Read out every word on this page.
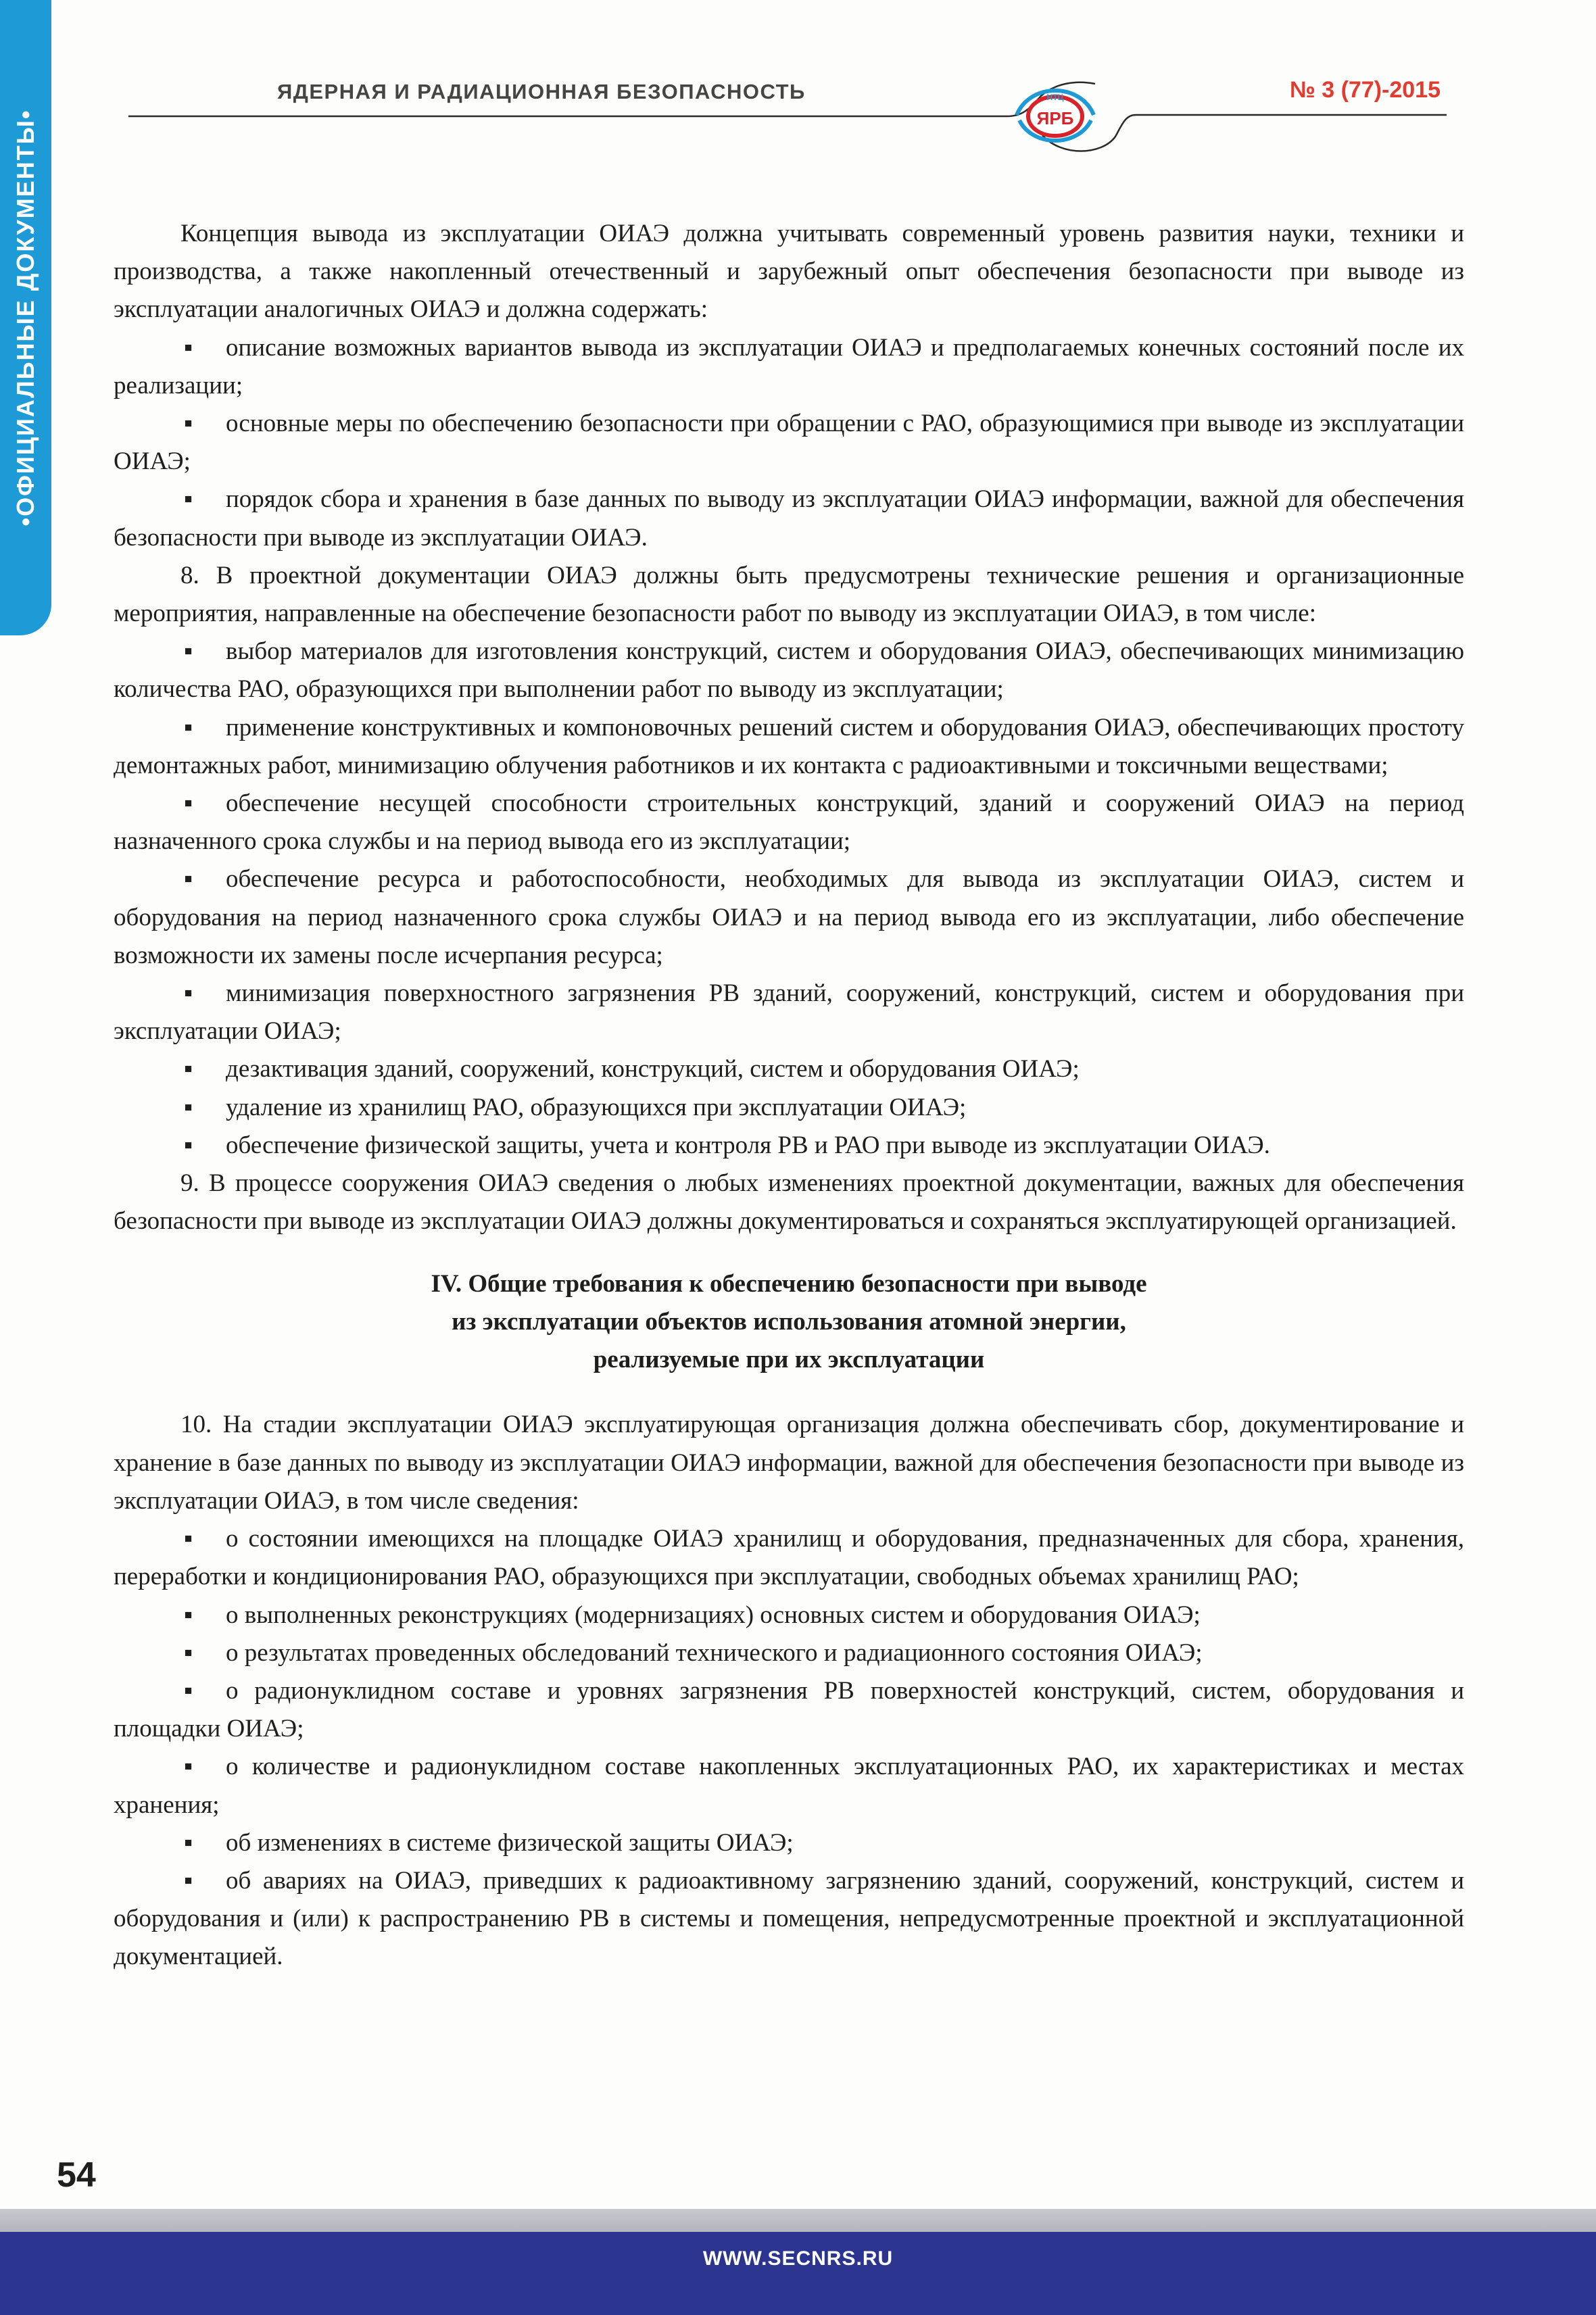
•ОФИЦИАЛЬНЫЕ ДОКУМЕНТЫ•
ЯДЕРНАЯ И РАДИАЦИОННАЯ БЕЗОПАСНОСТЬ	НТЦ
ЯРБ
№ 3 (77)-2015

Концепция вывода из эксплуатации ОИАЭ должна учитывать современный уровень развития науки, техники и производства, а также накопленный отечественный и зарубежный опыт обеспечения безопасности при выводе из эксплуатации аналогичных ОИАЭ и должна содержать:

▪ описание возможных вариантов вывода из эксплуатации ОИАЭ и предполагаемых конечных состояний после их реализации;

▪ основные меры по обеспечению безопасности при обращении с РАО, образующимися при выводе из эксплуатации ОИАЭ;

▪ порядок сбора и хранения в базе данных по выводу из эксплуатации ОИАЭ информации, важной для обеспечения безопасности при выводе из эксплуатации ОИАЭ.

8. В проектной документации ОИАЭ должны быть предусмотрены технические решения и организационные мероприятия, направленные на обеспечение безопасности работ по выводу из эксплуатации ОИАЭ, в том числе:

▪ выбор материалов для изготовления конструкций, систем и оборудования ОИАЭ, обеспечивающих минимизацию количества РАО, образующихся при выполнении работ по выводу из эксплуатации;

▪ применение конструктивных и компоновочных решений систем и оборудования ОИАЭ, обеспечивающих простоту демонтажных работ, минимизацию облучения работников и их контакта с радиоактивными и токсичными веществами;

▪ обеспечение несущей способности строительных конструкций, зданий и сооружений ОИАЭ на период назначенного срока службы и на период вывода его из эксплуатации;

▪ обеспечение ресурса и работоспособности, необходимых для вывода из эксплуатации ОИАЭ, систем и оборудования на период назначенного срока службы ОИАЭ и на период вывода его из эксплуатации, либо обеспечение возможности их замены после исчерпания ресурса;

▪ минимизация поверхностного загрязнения РВ зданий, сооружений, конструкций, систем и оборудования при эксплуатации ОИАЭ;

▪ дезактивация зданий, сооружений, конструкций, систем и оборудования ОИАЭ;

▪ удаление из хранилищ РАО, образующихся при эксплуатации ОИАЭ;

▪ обеспечение физической защиты, учета и контроля РВ и РАО при выводе из эксплуатации ОИАЭ.

9. В процессе сооружения ОИАЭ сведения о любых изменениях проектной документации, важных для обеспечения безопасности при выводе из эксплуатации ОИАЭ должны документироваться и сохраняться эксплуатирующей организацией.

IV. Общие требования к обеспечению безопасности при выводе
из эксплуатации объектов использования атомной энергии,
реализуемые при их эксплуатации

10. На стадии эксплуатации ОИАЭ эксплуатирующая организация должна обеспечивать сбор, документирование и хранение в базе данных по выводу из эксплуатации ОИАЭ информации, важной для обеспечения безопасности при выводе из эксплуатации ОИАЭ, в том числе сведения:

▪ о состоянии имеющихся на площадке ОИАЭ хранилищ и оборудования, предназначенных для сбора, хранения, переработки и кондиционирования РАО, образующихся при эксплуатации, свободных объемах хранилищ РАО;

▪ о выполненных реконструкциях (модернизациях) основных систем и оборудования ОИАЭ;

▪ о результатах проведенных обследований технического и радиационного состояния ОИАЭ;

▪ о радионуклидном составе и уровнях загрязнения РВ поверхностей конструкций, систем, оборудования и площадки ОИАЭ;

▪ о количестве и радионуклидном составе накопленных эксплуатационных РАО, их характеристиках и местах хранения;

▪ об изменениях в системе физической защиты ОИАЭ;

▪ об авариях на ОИАЭ, приведших к радиоактивному загрязнению зданий, сооружений, конструкций, систем и оборудования и (или) к распространению РВ в системы и помещения, непредусмотренные проектной и эксплуатационной документацией.

54
WWW.SECNRS.RU
